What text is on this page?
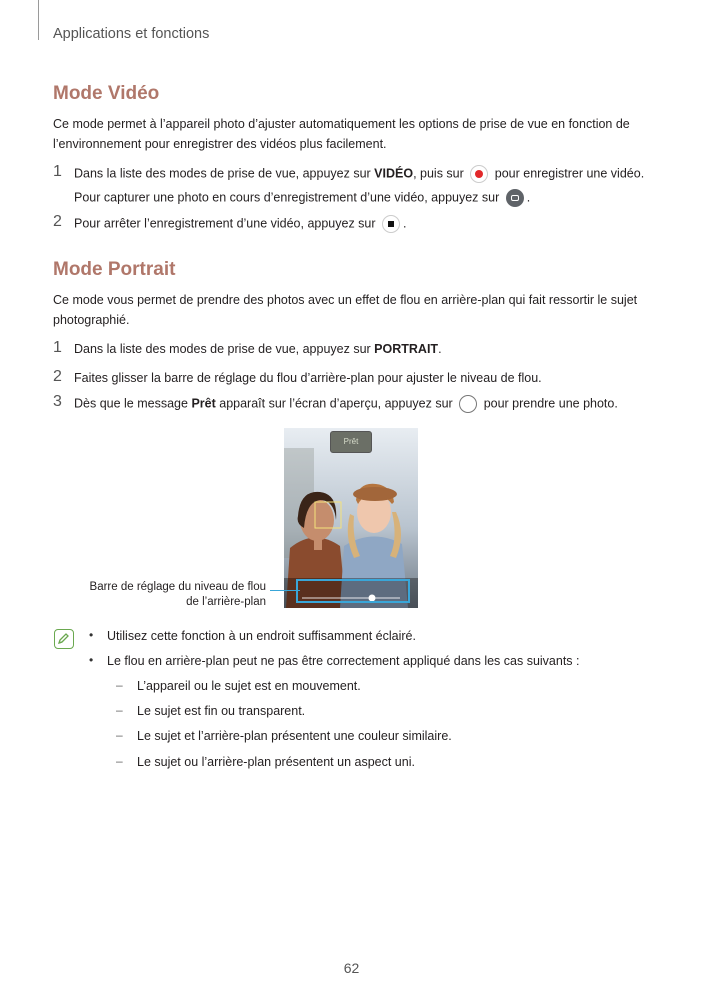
Applications et fonctions
Mode Vidéo
Ce mode permet à l’appareil photo d’ajuster automatiquement les options de prise de vue en fonction de l’environnement pour enregistrer des vidéos plus facilement.
1 Dans la liste des modes de prise de vue, appuyez sur VIDÉO, puis sur pour enregistrer une vidéo.
Pour capturer une photo en cours d’enregistrement d’une vidéo, appuyez sur .
2 Pour arrêter l’enregistrement d’une vidéo, appuyez sur .
Mode Portrait
Ce mode vous permet de prendre des photos avec un effet de flou en arrière-plan qui fait ressortir le sujet photographié.
1 Dans la liste des modes de prise de vue, appuyez sur PORTRAIT.
2 Faites glisser la barre de réglage du flou d’arrière-plan pour ajuster le niveau de flou.
3 Dès que le message Prêt apparaît sur l’écran d’aperçu, appuyez sur pour prendre une photo.
Prêt
Barre de réglage du niveau de flou
de l’arrière-plan
• Utilisez cette fonction à un endroit suffisamment éclairé.
• Le flou en arrière-plan peut ne pas être correctement appliqué dans les cas suivants :
– L’appareil ou le sujet est en mouvement.
– Le sujet est fin ou transparent.
– Le sujet et l’arrière-plan présentent une couleur similaire.
– Le sujet ou l’arrière-plan présentent un aspect uni.
62
